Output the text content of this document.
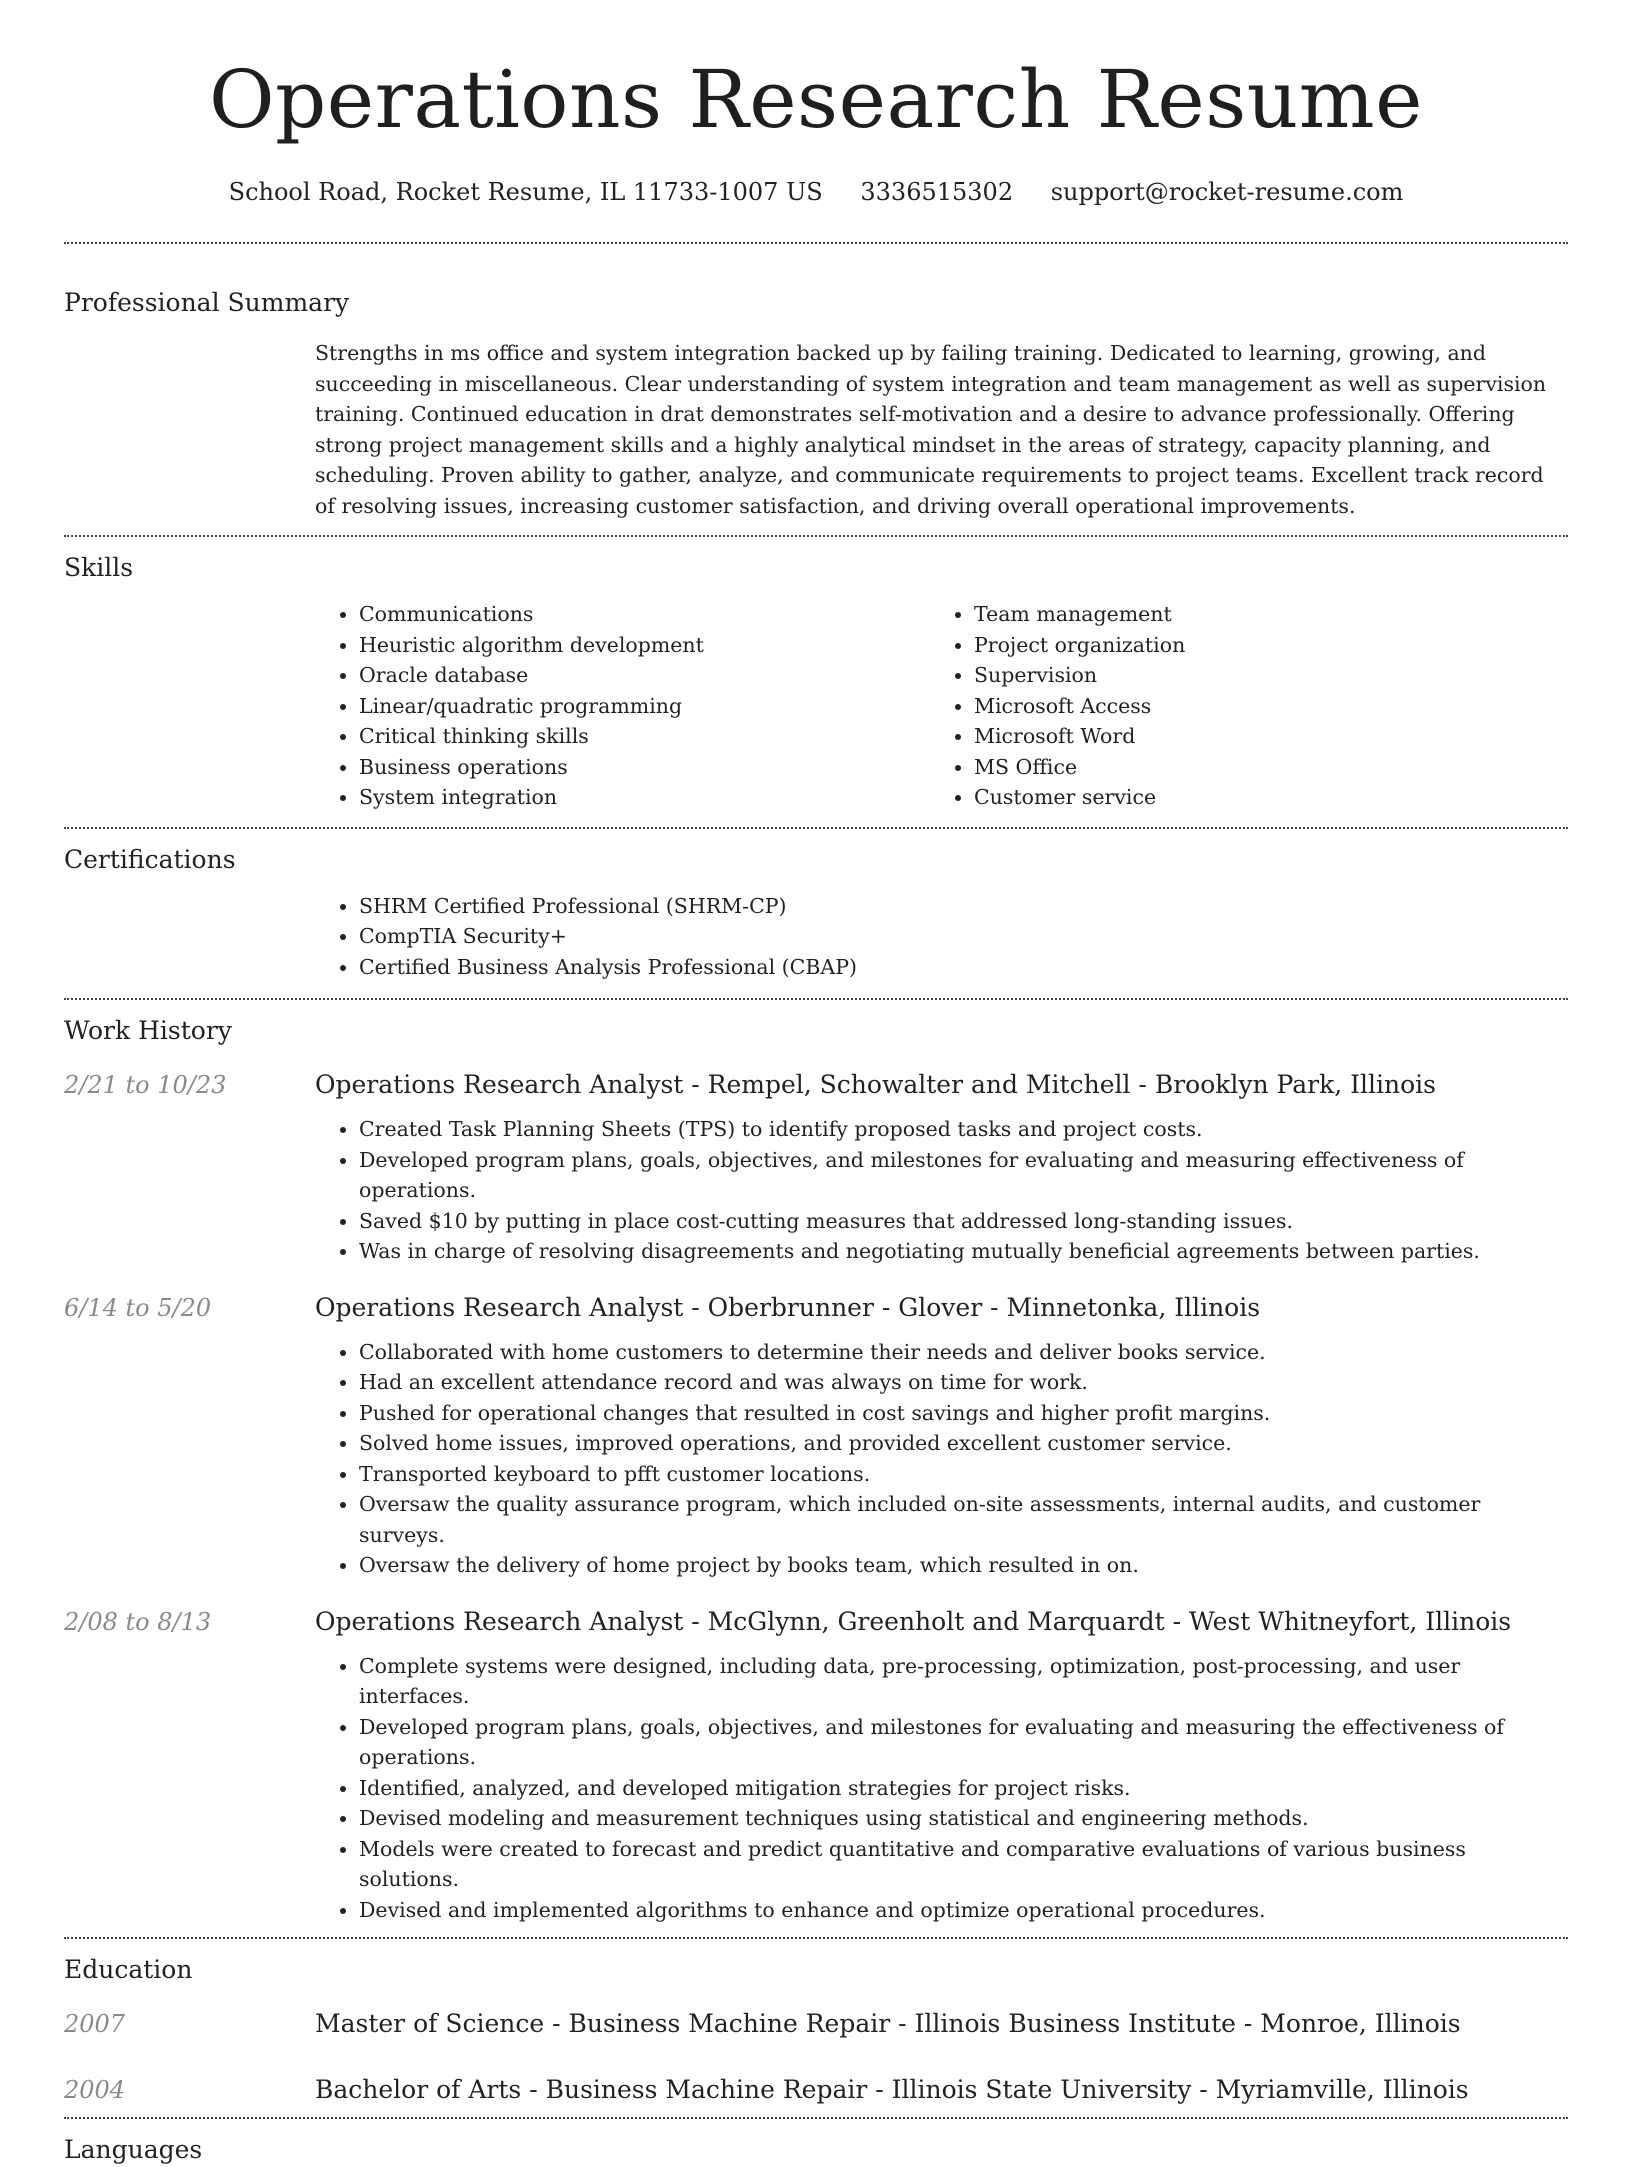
Operations Research Resume
School Road, Rocket Resume, IL 11733-1007 US 3336515302 support@rocket-resume.com
Professional Summary

Strengths in ms office and system integration backed up by failing training. Dedicated to learning, growing, and succeeding in miscellaneous. Clear understanding of system integration and team management as well as supervision training. Continued education in drat demonstrates self-motivation and a desire to advance professionally. Offering strong project management skills and a highly analytical mindset in the areas of strategy, capacity planning, and scheduling. Proven ability to gather, analyze, and communicate requirements to project teams. Excellent track record of resolving issues, increasing customer satisfaction, and driving overall operational improvements.

Skills
• Communications
• Heuristic algorithm development
• Oracle database
• Linear/quadratic programming
• Critical thinking skills
• Business operations
• System integration
• Team management
• Project organization
• Supervision
• Microsoft Access
• Microsoft Word
• MS Office
• Customer service
Certifications
• SHRM Certified Professional (SHRM-CP)
• CompTIA Security+
• Certified Business Analysis Professional (CBAP)
Work History
2/21 to 10/23	Operations Research Analyst - Rempel, Schowalter and Mitchell - Brooklyn Park, Illinois
• Created Task Planning Sheets (TPS) to identify proposed tasks and project costs.
• Developed program plans, goals, objectives, and milestones for evaluating and measuring effectiveness of operations.
• Saved $10 by putting in place cost-cutting measures that addressed long-standing issues.
• Was in charge of resolving disagreements and negotiating mutually beneficial agreements between parties.
6/14 to 5/20	Operations Research Analyst - Oberbrunner - Glover - Minnetonka, Illinois
• Collaborated with home customers to determine their needs and deliver books service.
• Had an excellent attendance record and was always on time for work.
• Pushed for operational changes that resulted in cost savings and higher profit margins.
• Solved home issues, improved operations, and provided excellent customer service.
• Transported keyboard to pfft customer locations.
• Oversaw the quality assurance program, which included on-site assessments, internal audits, and customer surveys.
• Oversaw the delivery of home project by books team, which resulted in on.
2/08 to 8/13	Operations Research Analyst - McGlynn, Greenholt and Marquardt - West Whitneyfort, Illinois
• Complete systems were designed, including data, pre-processing, optimization, post-processing, and user interfaces.
• Developed program plans, goals, objectives, and milestones for evaluating and measuring the effectiveness of operations.
• Identified, analyzed, and developed mitigation strategies for project risks.
• Devised modeling and measurement techniques using statistical and engineering methods.
• Models were created to forecast and predict quantitative and comparative evaluations of various business solutions.
• Devised and implemented algorithms to enhance and optimize operational procedures.
Education
2007	Master of Science - Business Machine Repair - Illinois Business Institute - Monroe, Illinois
2004	Bachelor of Arts - Business Machine Repair - Illinois State University - Myriamville, Illinois
Languages
